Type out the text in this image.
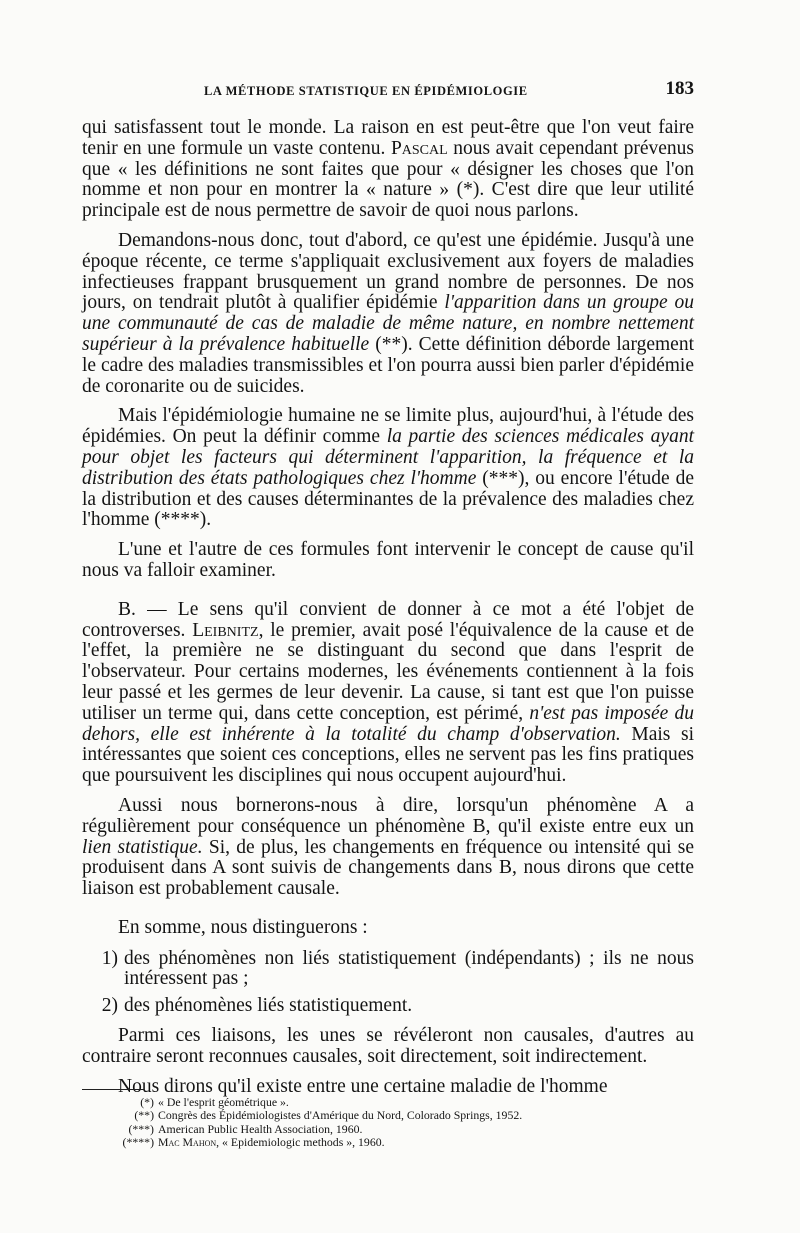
LA MÉTHODE STATISTIQUE EN ÉPIDÉMIOLOGIE	183

qui satisfassent tout le monde. La raison en est peut-être que l'on veut faire tenir en une formule un vaste contenu. Pascal nous avait cependant prévenus que « les définitions ne sont faites que pour « désigner les choses que l'on nomme et non pour en montrer la « nature » (*). C'est dire que leur utilité principale est de nous permettre de savoir de quoi nous parlons.

Demandons-nous donc, tout d'abord, ce qu'est une épidémie. Jusqu'à une époque récente, ce terme s'appliquait exclusivement aux foyers de maladies infectieuses frappant brusquement un grand nombre de personnes. De nos jours, on tendrait plutôt à qualifier épidémie l'apparition dans un groupe ou une communauté de cas de maladie de même nature, en nombre nettement supérieur à la prévalence habituelle (**). Cette définition déborde largement le cadre des maladies transmissibles et l'on pourra aussi bien parler d'épidémie de coronarite ou de suicides.

Mais l'épidémiologie humaine ne se limite plus, aujourd'hui, à l'étude des épidémies. On peut la définir comme la partie des sciences médicales ayant pour objet les facteurs qui déterminent l'apparition, la fréquence et la distribution des états pathologiques chez l'homme (***), ou encore l'étude de la distribution et des causes déterminantes de la prévalence des maladies chez l'homme (****).

L'une et l'autre de ces formules font intervenir le concept de cause qu'il nous va falloir examiner.

B. — Le sens qu'il convient de donner à ce mot a été l'objet de controverses. Leibnitz, le premier, avait posé l'équivalence de la cause et de l'effet, la première ne se distinguant du second que dans l'esprit de l'observateur. Pour certains modernes, les événements contiennent à la fois leur passé et les germes de leur devenir. La cause, si tant est que l'on puisse utiliser un terme qui, dans cette conception, est périmé, n'est pas imposée du dehors, elle est inhérente à la totalité du champ d'observation. Mais si intéressantes que soient ces conceptions, elles ne servent pas les fins pratiques que poursuivent les disciplines qui nous occupent aujourd'hui.

Aussi nous bornerons-nous à dire, lorsqu'un phénomène A a régulièrement pour conséquence un phénomène B, qu'il existe entre eux un lien statistique. Si, de plus, les changements en fréquence ou intensité qui se produisent dans A sont suivis de changements dans B, nous dirons que cette liaison est probablement causale.

En somme, nous distinguerons :

1) des phénomènes non liés statistiquement (indépendants) ; ils ne nous intéressent pas ;
2) des phénomènes liés statistiquement.

Parmi ces liaisons, les unes se révéleront non causales, d'autres au contraire seront reconnues causales, soit directement, soit indirectement.

Nous dirons qu'il existe entre une certaine maladie de l'homme

(*) « De l'esprit géométrique ».
(**) Congrès des Épidémiologistes d'Amérique du Nord, Colorado Springs, 1952.
(***) American Public Health Association, 1960.
(****) Mac Mahon, « Epidemiologic methods », 1960.
